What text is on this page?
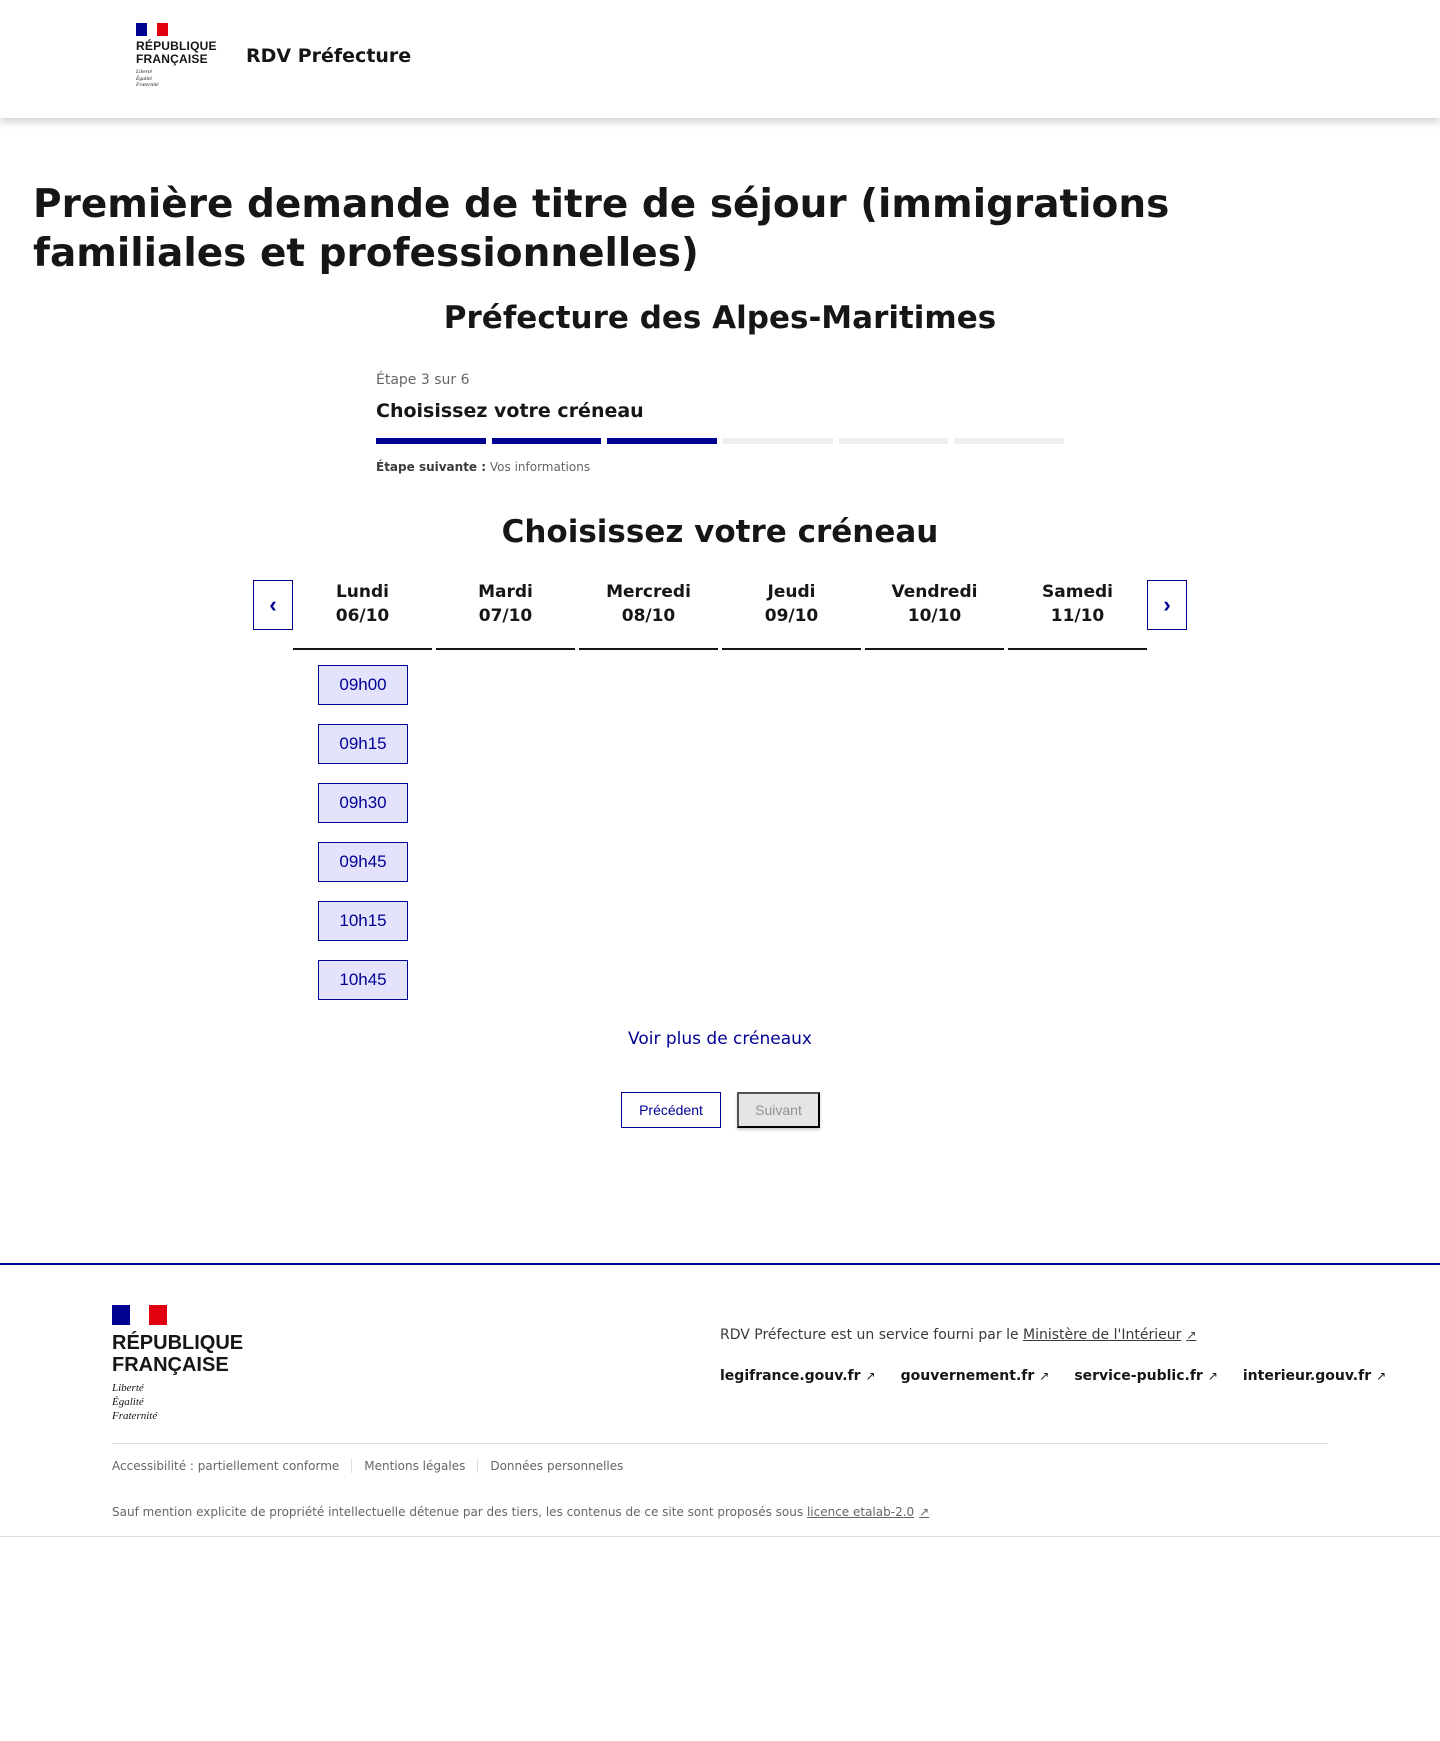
RÉPUBLIQUE FRANÇAISE
Liberté
Égalité
Fraternité
RDV Préfecture
Première demande de titre de séjour (immigrations familiales et professionnelles)
Préfecture des Alpes-Maritimes
Étape 3 sur 6
Choisissez votre créneau
Étape suivante : Vos informations
Choisissez votre créneau
‹	›
Lundi
06/10
Mardi
07/10
Mercredi
08/10
Jeudi
09/10
Vendredi
10/10
Samedi
11/10
09h00
09h15
09h30
09h45
10h15
10h45
Voir plus de créneaux
Précédent	Suivant
RÉPUBLIQUE
FRANÇAISE
Liberté
Égalité
Fraternité
RDV Préfecture est un service fourni par le Ministère de l'Intérieur ↗
legifrance.gouv.fr ↗ gouvernement.fr ↗ service-public.fr ↗ interieur.gouv.fr ↗
Accessibilité : partiellement conforme	Mentions légales	Données personnelles
Sauf mention explicite de propriété intellectuelle détenue par des tiers, les contenus de ce site sont proposés sous licence etalab-2.0 ↗
